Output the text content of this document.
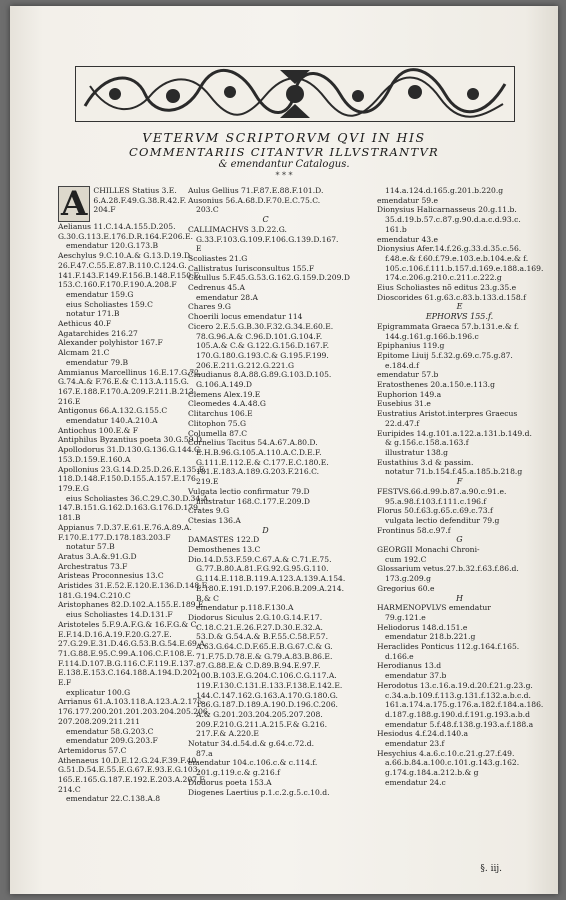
VETERVM SCRIPTORVM QVI IN HIS
COMMENTARIIS CITANTVR ILLVSTRANTVR
& emendantur Catalogus.
* * *
A CHILLES Statius 3.E. 6.A.28.F.49.G.38.R.42.F. 204.F
Aelianus 11.C.14.A.155.D.205.
G.30.G.113.E.176.D.R.164.F.206.E.
emendatur 120.G.173.B
Aeschylus 9.C.10.A.& G.13.D.19.D.
26.F.47.C.55.E.87.B.110.C.124.G.
141.F.143.F.149.F.156.B.148.F.150.F.
153.C.160.F.170.F.190.A.208.F
emendatur 159.G
eius Scholiastes 159.C
notatur 171.B
Aethicus 40.F
Agatarchides 216.27
Alexander polyhistor 167.F
Alcmam 21.C
emendatur 79.B
Ammianus Marcellinus 16.E.17.G.72.
G.74.A.& F.76.E.& C.113.A.115.G.
167.E.188.F.170.A.209.F.211.B.212.
216.E
Antigonus 66.A.132.G.155.C
emendatur 140.A.210.A
Antiochus 100.E.& F
Antiphilus Byzantius poeta 30.G.59.D
Apollodorus 31.D.130.G.136.G.144.G.
153.D.159.E.160.A
Apollonius 23.G.14.D.25.D.26.E.135.E.
118.D.148.F.150.D.155.A.157.E.176.
179.E.G
eius Scholiastes 36.C.29.C.30.D.34.A.
147.B.151.G.162.D.163.G.176.D.179.
181.B
Appianus 7.D.37.E.61.E.76.A.89.A.
F.170.E.177.D.178.183.203.F
notatur 57.B
Aratus 3.A.&.91.G.D
Archestratus 73.F
Aristeas Proconnesius 13.C
Aristides 31.E.52.E.120.E.136.D.148.E.
181.G.194.C.210.C
Aristophanes 82.D.102.A.155.E.189.E.
eius Scholiastes 14.D.131.F
Aristoteles 5.F.9.A.F.G.& 16.F.G.& C.
E.F.14.D.16.A.19.F.20.G.27.E.
27.G.29.E.31.D.46.G.53.B.G.54.E.69.A.
71.G.88.E.95.C.99.A.106.C.F.108.E.
F.114.D.107.B.G.116.C.F.119.E.137.
E.138.E.153.C.164.188.A.194.D.202.
E.F
explicatur 100.G
Arrianus 61.A.103.118.A.123.A.2.175.
176.177.200.201.201.203.204.205.206.
207.208.209.211.211
emendatur 58.G.203.C
emendatur 209.G.203.F
Artemidorus 57.C
Athenaeus 10.D.E.12.G.24.F.39.F.40.
G.51.D.54.E.55.E.G.67.E.93.E.G.103.
165.E.165.G.187.E.192.E.203.A.207.F.
214.C
emendatur 22.C.138.A.8
Aulus Gellius 71.F.87.E.88.F.101.D.
Ausonius 56.A.68.D.F.70.E.C.75.C.
203.C
C
CALLIMACHVS 3.D.22.G.
G.33.F.103.G.109.F.106.G.139.D.167.
E
Scoliastes 21.G
Callistratus Iurisconsultus 155.F
Catullus 5.F.45.G.53.G.162.G.159.D.209.D
Cedrenus 45.A
emendatur 28.A
Chares 9.G
Choerili locus emendatur 114
Cicero 2.E.5.G.B.30.F.32.G.34.E.60.E.
78.G.96.A.& C.96.D.101.G.104.F.
105.A.& C.& G.122.G.156.D.167.F.
170.G.180.G.193.C.& G.195.F.199.
206.E.211.G.212.G.221.G
Claudianus 8.A.88.G.89.G.103.D.105.
G.106.A.149.D
Clemens Alex.19.E
Cleomedes 4.A.48.G
Clitarchus 106.E
Clitophon 75.G
Columella 87.C
Cornelius Tacitus 54.A.67.A.80.D.
E.H.B.96.G.105.A.110.A.C.D.E.F.
G.111.E.112.E.& C.177.E.C.180.E.
181.E.183.A.189.G.203.F.216.C.
219.E
Vulgata lectio confirmatur 79.D
illustratur 168.C.177.E.209.D
Crates 9.G
Ctesias 136.A
D
DAMASTES 122.D
Demosthenes 13.C
Dio.14.D.53.F.59.C.67.A.& C.71.E.75.
G.77.B.80.A.81.F.G.92.G.95.G.110.
G.114.E.118.B.119.A.123.A.139.A.154.
E.180.E.191.D.197.F.206.B.209.A.214.
B.& C
emendatur p.118.F.130.A
Diodorus Siculus 2.G.10.G.14.F.17.
C.18.C.21.E.26.F.27.D.30.E.32.A.
53.D.& G.54.A.& B.F.55.C.58.F.57.
A.63.G.64.C.D.F.65.E.B.G.67.C.& G.
71.F.75.D.78.E.& G.79.A.83.B.86.E.
87.G.88.E.& C.D.89.B.94.E.97.F.
100.B.103.E.G.204.C.106.C.G.117.A.
119.F.130.C.131.E.133.F.138.E.142.E.
144.C.147.162.G.163.A.170.G.180.G.
186.G.187.D.189.A.190.D.196.C.206.
A.& G.201.203.204.205.207.208.
209.F.210.G.211.A.215.F.& G.216.
217.F.& A.220.E
Notatur 34.d.54.d.& g.64.c.72.d.
87.a
emendatur 104.c.106.c.& c.114.f.
201.g.119.c.& g.216.f
Diodorus poeta 153.A
Diogenes Laertius p.1.c.2.g.5.c.10.d.
114.a.124.d.165.g.201.b.220.g
emendatur 59.e
Dionysius Halicarnasseus 20.g.11.b.
35.d.19.b.57.c.87.g.90.d.a.c.d.93.c.
161.b
emendatur 43.e
Dionysius Afer.14.f.26.g.33.d.35.c.56.
f.48.e.& f.60.f.79.e.103.e.b.104.e.& f.
105.c.106.f.111.b.157.d.169.e.188.a.169.
174.c.206.g.210.c.211.c.222.g
Eius Scholiastes nõ editus 23.g.35.e
Dioscorides 61.g.63.c.83.b.133.d.158.f
E
EPHORVS 155.f.
Epigrammata Graeca 57.b.131.e.& f.
144.g.161.g.166.b.196.c
Epiphanius 119.g
Epitome Liuij 5.f.32.g.69.c.75.g.87.
e.184.d.f
emendatur 57.b
Eratosthenes 20.a.150.e.113.g
Euphorion 149.a
Eusebius 31.e
Eustratius Aristot.interpres Graecus
22.d.47.f
Euripides 14.g.101.a.122.a.131.b.149.d.
& g.156.c.158.a.163.f
illustratur 138.g
Eustathius 3.d & passim.
notatur 71.b.154.f.45.a.185.b.218.g
F
FESTVS.66.d.99.b.87.a.90.c.91.e.
95.a.98.f.103.f.111.c.196.f
Florus 50.f.63.g.65.c.69.c.73.f
vulgata lectio defenditur 79.g
Frontinus 58.c.97.f
G
GEORGII Monachi Chroni-
cum 192.C
Glossarium vetus.27.b.32.f.63.f.86.d.
173.g.209.g
Gregorius 60.e
H
HARMENOPVLVS emendatur
79.g.121.e
Heliodorus 148.d.151.e
emendatur 218.b.221.g
Heraclides Ponticus 112.g.164.f.165.
d.166.e
Herodianus 13.d
emendatur 37.b
Herodotus 13.c.16.a.19.d.20.f.21.g.23.g.
c.34.a.b.109.f.113.g.131.f.132.a.b.c.d.
161.a.174.a.175.g.176.a.182.f.184.a.186.
d.187.g.188.g.190.d.f.191.g.193.a.b.d
emendatur 5.f.48.f.138.g.193.a.f.188.a
Hesiodus 4.f.24.d.140.a
emendatur 23.f
Hesychius 4.a.6.c.10.c.21.g.27.f.49.
a.66.b.84.a.100.c.101.g.143.g.162.
g.174.g.184.a.212.b.& g
emendatur 24.c
§. iij.
